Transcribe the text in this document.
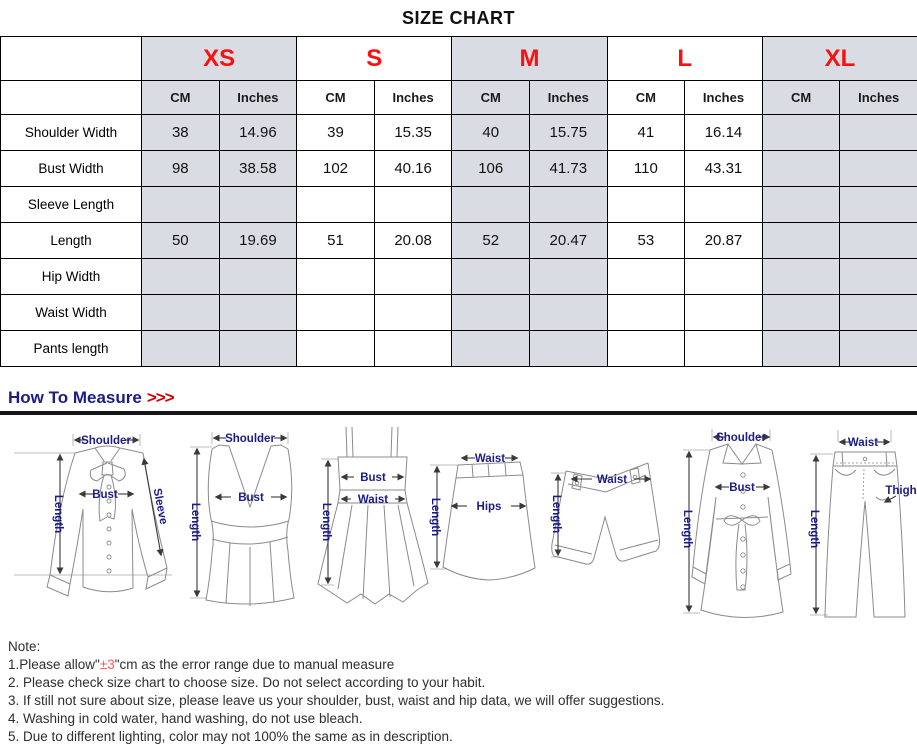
SIZE CHART
	XS		S		M		L		XL	
	CM	Inches	CM	Inches	CM	Inches	CM	Inches	CM	Inches
Shoulder Width	38	14.96	39	15.35	40	15.75	41	16.14		
Bust Width	98	38.58	102	40.16	106	41.73	110	43.31		
Sleeve Length										
Length	50	19.69	51	20.08	52	20.47	53	20.87		
Hip Width										
Waist Width										
Pants length										
How To Measure >>>
Shoulder
Bust	Sleeve
Length
Shoulder
Bust
Length
Bust
Waist
Length
Waist
Hips
Length
Waist
Length
Shoulder
Bust
Length
Waist
Thigh
Length
Note:
1.Please allow"±3"cm as the error range due to manual measure
2. Please check size chart to choose size. Do not select according to your habit.
3. If still not sure about size, please leave us your shoulder, bust, waist and hip data, we will offer suggestions.
4. Washing in cold water, hand washing, do not use bleach.
5. Due to different lighting, color may not 100% the same as in description.
